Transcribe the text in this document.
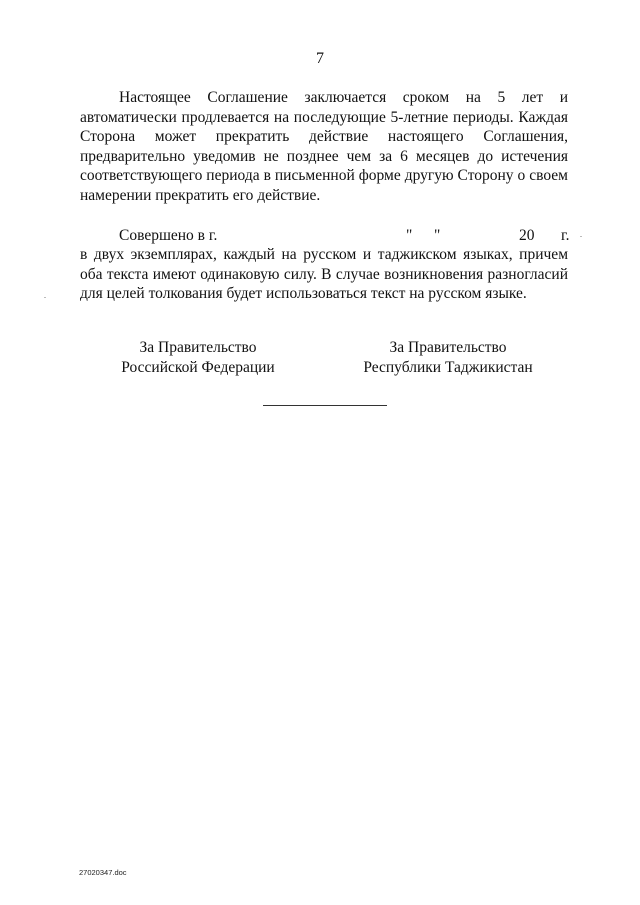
7

Настоящее Соглашение заключается сроком на 5 лет и автоматически продлевается на последующие 5-летние периоды. Каждая Сторона может прекратить действие настоящего Соглашения, предварительно уведомив не позднее чем за 6 месяцев до истечения соответствующего периода в письменной форме другую Сторону о своем намерении прекратить его действие.

Совершено в г.	" "	20 г.

в двух экземплярах, каждый на русском и таджикском языках, причем оба текста имеют одинаковую силу. В случае возникновения разногласий для целей толкования будет использоваться текст на русском языке.

За Правительство
Российской Федерации
За Правительство
Республики Таджикистан
27020347.doc
